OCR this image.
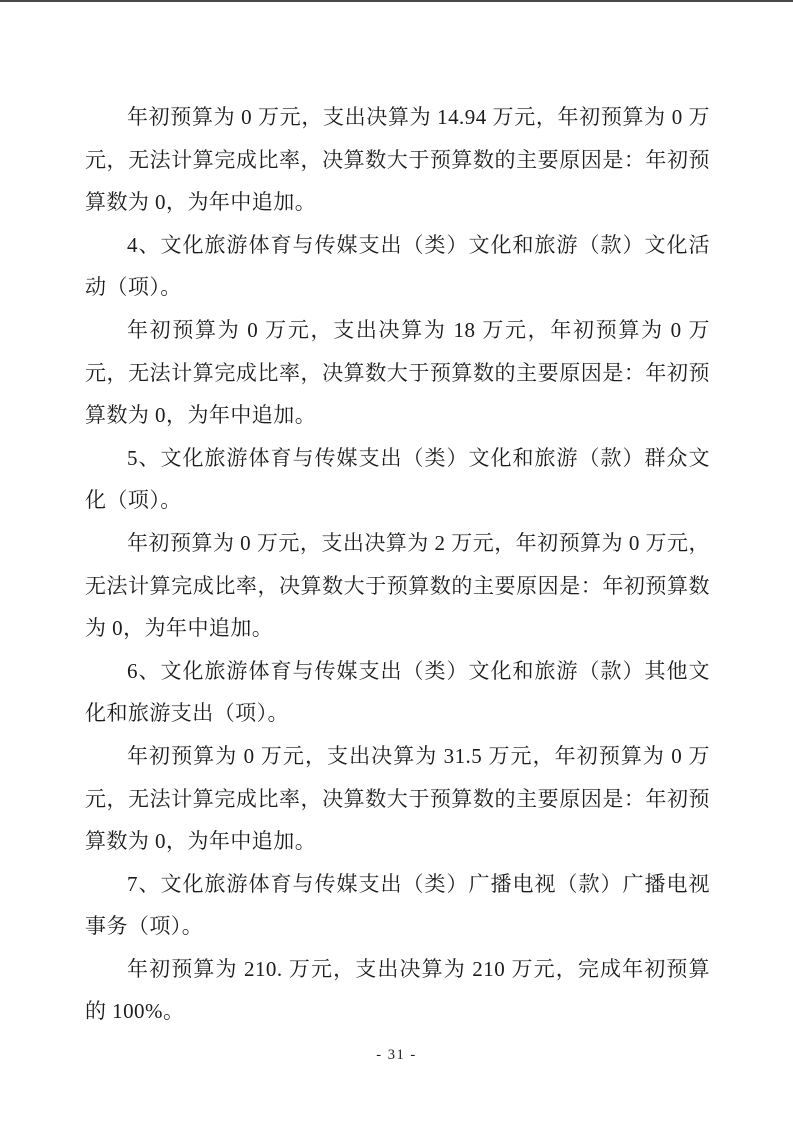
年初预算为 0 万元，支出决算为 14.94 万元，年初预算为 0 万元，无法计算完成比率，决算数大于预算数的主要原因是：年初预算数为 0，为年中追加。

4、文化旅游体育与传媒支出（类）文化和旅游（款）文化活动（项）。

年初预算为 0 万元，支出决算为 18 万元，年初预算为 0 万元，无法计算完成比率，决算数大于预算数的主要原因是：年初预算数为 0，为年中追加。

5、文化旅游体育与传媒支出（类）文化和旅游（款）群众文化（项）。

年初预算为 0 万元，支出决算为 2 万元，年初预算为 0 万元，无法计算完成比率，决算数大于预算数的主要原因是：年初预算数为 0，为年中追加。

6、文化旅游体育与传媒支出（类）文化和旅游（款）其他文化和旅游支出（项）。

年初预算为 0 万元，支出决算为 31.5 万元，年初预算为 0 万元，无法计算完成比率，决算数大于预算数的主要原因是：年初预算数为 0，为年中追加。

7、文化旅游体育与传媒支出（类）广播电视（款）广播电视事务（项）。

年初预算为 210. 万元，支出决算为 210 万元，完成年初预算的 100%。

- 31 -
